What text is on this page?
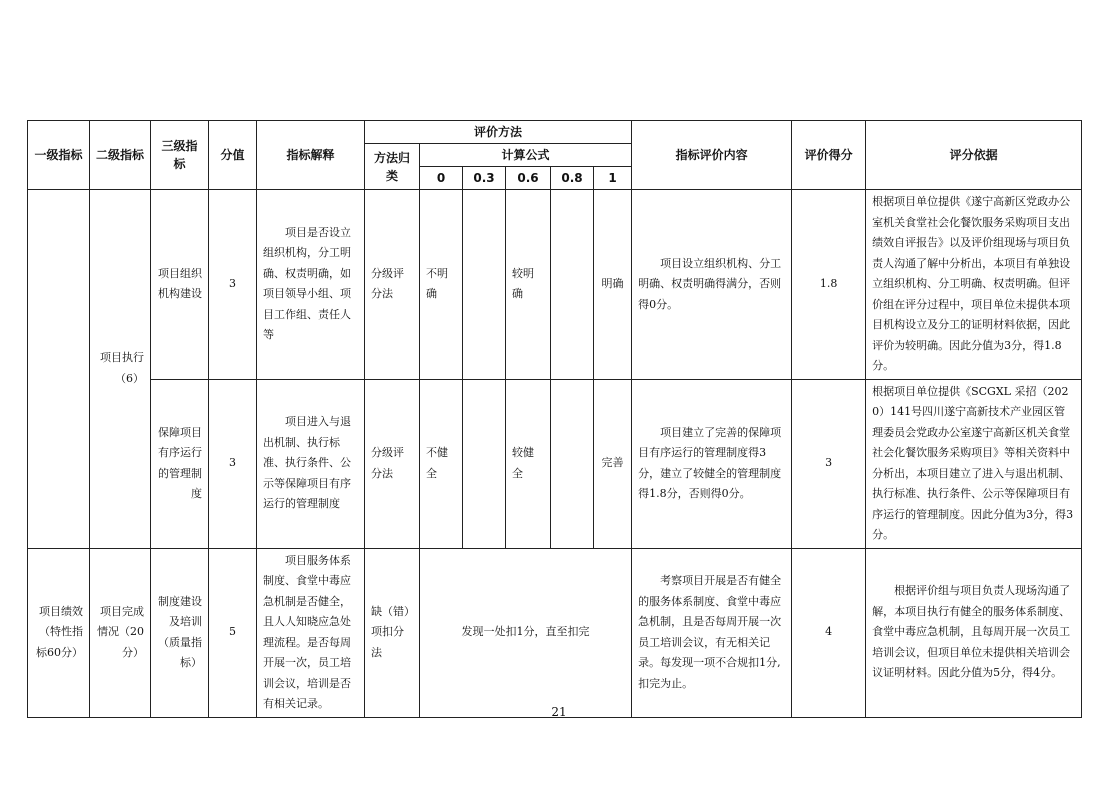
一级指标	二级指标	三级指标	分值	指标解释	评价方法						指标评价内容	评价得分	评分依据
					方法归类	计算公式							
						0	0.3	0.6	0.8	1			
	项目执行（6）	项目组织机构建设	3	项目是否设立组织机构，分工明确、权责明确，如项目领导小组、项目工作组、责任人等	分级评分法	不明确		较明确		明确	项目设立组织机构、分工明确、权责明确得满分，否则得0分。	1.8	根据项目单位提供《遂宁高新区党政办公室机关食堂社会化餐饮服务采购项目支出绩效自评报告》以及评价组现场与项目负责人沟通了解中分析出，本项目有单独设立组织机构、分工明确、权责明确。但评价组在评分过程中，项目单位未提供本项目机构设立及分工的证明材料依据，因此评价为较明确。因此分值为3分，得1.8分。
		保障项目有序运行的管理制度	3	项目进入与退出机制、执行标准、执行条件、公示等保障项目有序运行的管理制度	分级评分法	不健全		较健全		完善	项目建立了完善的保障项目有序运行的管理制度得3分，建立了较健全的管理制度得1.8分，否则得0分。	3	根据项目单位提供《SCGXL 采招（2020）141号四川遂宁高新技术产业园区管理委员会党政办公室遂宁高新区机关食堂社会化餐饮服务采购项目》等相关资料中分析出，本项目建立了进入与退出机制、执行标准、执行条件、公示等保障项目有序运行的管理制度。因此分值为3分，得3分。
项目绩效（特性指标60分）	项目完成情况（20分）	制度建设及培训（质量指标）	5	项目服务体系制度、食堂中毒应急机制是否健全，且人人知晓应急处理流程。是否每周开展一次，员工培训会议，培训是否有相关记录。	缺（错）项扣分法	发现一处扣1分，直至扣完					考察项目开展是否有健全的服务体系制度、食堂中毒应急机制，且是否每周开展一次员工培训会议，有无相关记录。每发现一项不合规扣1分,扣完为止。	4	根据评价组与项目负责人现场沟通了解，本项目执行有健全的服务体系制度、食堂中毒应急机制，且每周开展一次员工培训会议，但项目单位未提供相关培训会议证明材料。因此分值为5分，得4分。
21
